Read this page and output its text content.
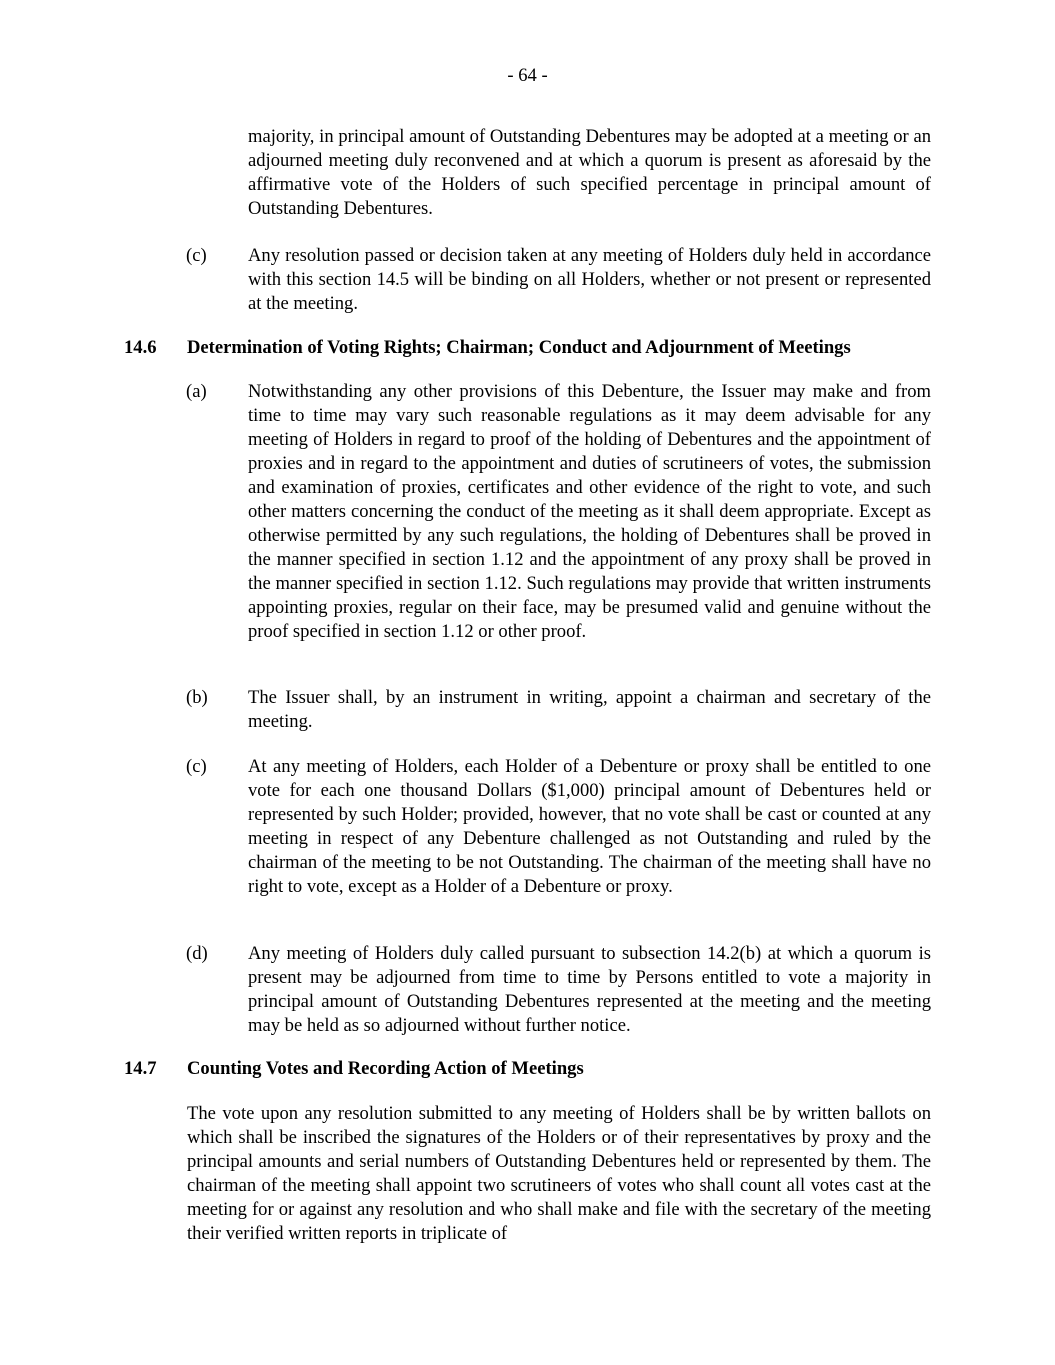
- 64 -
majority, in principal amount of Outstanding Debentures may be adopted at a meeting or an adjourned meeting duly reconvened and at which a quorum is present as aforesaid by the affirmative vote of the Holders of such specified percentage in principal amount of Outstanding Debentures.
(c) Any resolution passed or decision taken at any meeting of Holders duly held in accordance with this section 14.5 will be binding on all Holders, whether or not present or represented at the meeting.
14.6 Determination of Voting Rights; Chairman; Conduct and Adjournment of Meetings
(a) Notwithstanding any other provisions of this Debenture, the Issuer may make and from time to time may vary such reasonable regulations as it may deem advisable for any meeting of Holders in regard to proof of the holding of Debentures and the appointment of proxies and in regard to the appointment and duties of scrutineers of votes, the submission and examination of proxies, certificates and other evidence of the right to vote, and such other matters concerning the conduct of the meeting as it shall deem appropriate. Except as otherwise permitted by any such regulations, the holding of Debentures shall be proved in the manner specified in section 1.12 and the appointment of any proxy shall be proved in the manner specified in section 1.12. Such regulations may provide that written instruments appointing proxies, regular on their face, may be presumed valid and genuine without the proof specified in section 1.12 or other proof.
(b) The Issuer shall, by an instrument in writing, appoint a chairman and secretary of the meeting.
(c) At any meeting of Holders, each Holder of a Debenture or proxy shall be entitled to one vote for each one thousand Dollars ($1,000) principal amount of Debentures held or represented by such Holder; provided, however, that no vote shall be cast or counted at any meeting in respect of any Debenture challenged as not Outstanding and ruled by the chairman of the meeting to be not Outstanding. The chairman of the meeting shall have no right to vote, except as a Holder of a Debenture or proxy.
(d) Any meeting of Holders duly called pursuant to subsection 14.2(b) at which a quorum is present may be adjourned from time to time by Persons entitled to vote a majority in principal amount of Outstanding Debentures represented at the meeting and the meeting may be held as so adjourned without further notice.
14.7 Counting Votes and Recording Action of Meetings
The vote upon any resolution submitted to any meeting of Holders shall be by written ballots on which shall be inscribed the signatures of the Holders or of their representatives by proxy and the principal amounts and serial numbers of Outstanding Debentures held or represented by them. The chairman of the meeting shall appoint two scrutineers of votes who shall count all votes cast at the meeting for or against any resolution and who shall make and file with the secretary of the meeting their verified written reports in triplicate of
